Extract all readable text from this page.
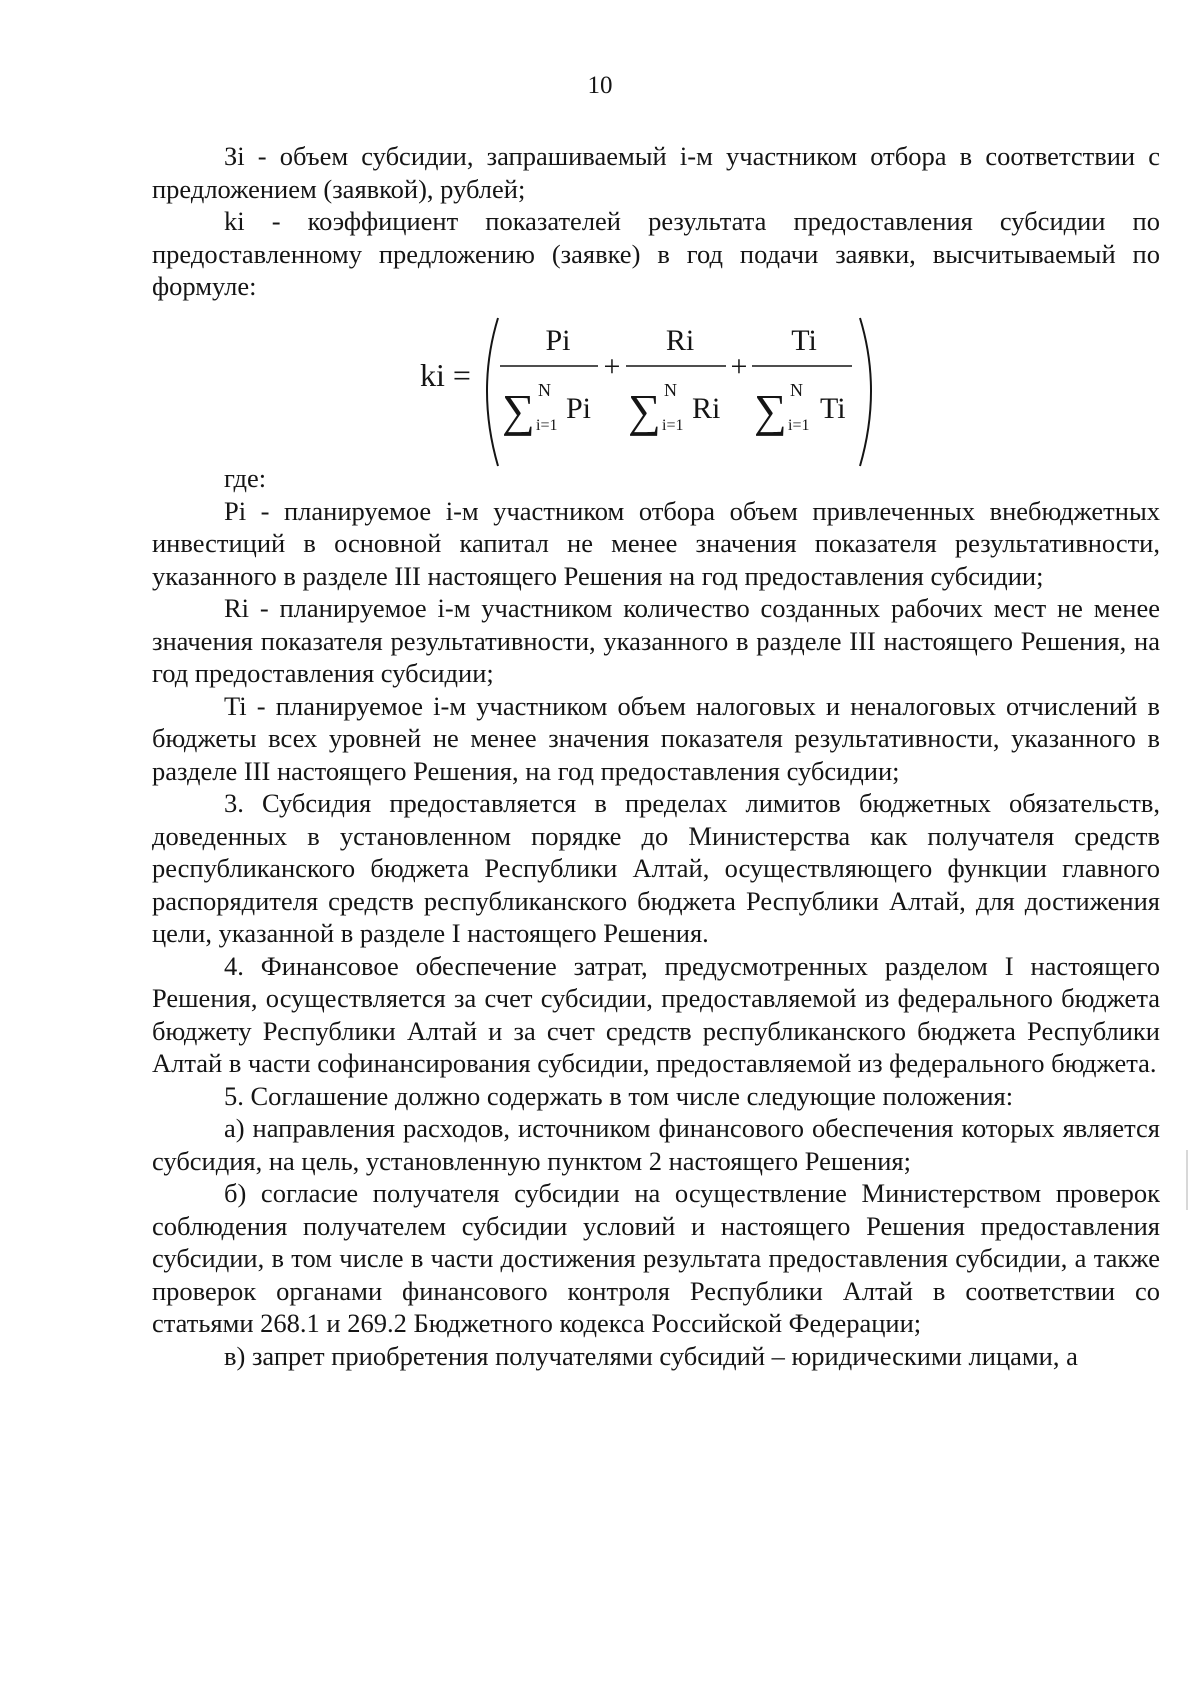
10

Зi - объем субсидии, запрашиваемый i-м участником отбора в соответствии с предложением (заявкой), рублей;

ki - коэффициент показателей результата предоставления субсидии по предоставленному предложению (заявке) в год подачи заявки, высчитываемый по формуле:

ki =
Pi
∑ N
i=1
Pi
+
Ri
∑ N
i=1
Ri
+
Ti
∑ N
i=1
Ti

где:

Pi - планируемое i-м участником отбора объем привлеченных внебюджетных инвестиций в основной капитал не менее значения показателя результативности, указанного в разделе III настоящего Решения на год предоставления субсидии;

Ri - планируемое i-м участником количество созданных рабочих мест не менее значения показателя результативности, указанного в разделе III настоящего Решения, на год предоставления субсидии;

Ti - планируемое i-м участником объем налоговых и неналоговых отчислений в бюджеты всех уровней не менее значения показателя результативности, указанного в разделе III настоящего Решения, на год предоставления субсидии;

3. Субсидия предоставляется в пределах лимитов бюджетных обязательств, доведенных в установленном порядке до Министерства как получателя средств республиканского бюджета Республики Алтай, осуществляющего функции главного распорядителя средств республиканского бюджета Республики Алтай, для достижения цели, указанной в разделе I настоящего Решения.

4. Финансовое обеспечение затрат, предусмотренных разделом I настоящего Решения, осуществляется за счет субсидии, предоставляемой из федерального бюджета бюджету Республики Алтай и за счет средств республиканского бюджета Республики Алтай в части софинансирования субсидии, предоставляемой из федерального бюджета.

5. Соглашение должно содержать в том числе следующие положения:

а) направления расходов, источником финансового обеспечения которых является субсидия, на цель, установленную пунктом 2 настоящего Решения;

б) согласие получателя субсидии на осуществление Министерством проверок соблюдения получателем субсидии условий и настоящего Решения предоставления субсидии, в том числе в части достижения результата предоставления субсидии, а также проверок органами финансового контроля Республики Алтай в соответствии со статьями 268.1 и 269.2 Бюджетного кодекса Российской Федерации;

в) запрет приобретения получателями субсидий – юридическими лицами, а
